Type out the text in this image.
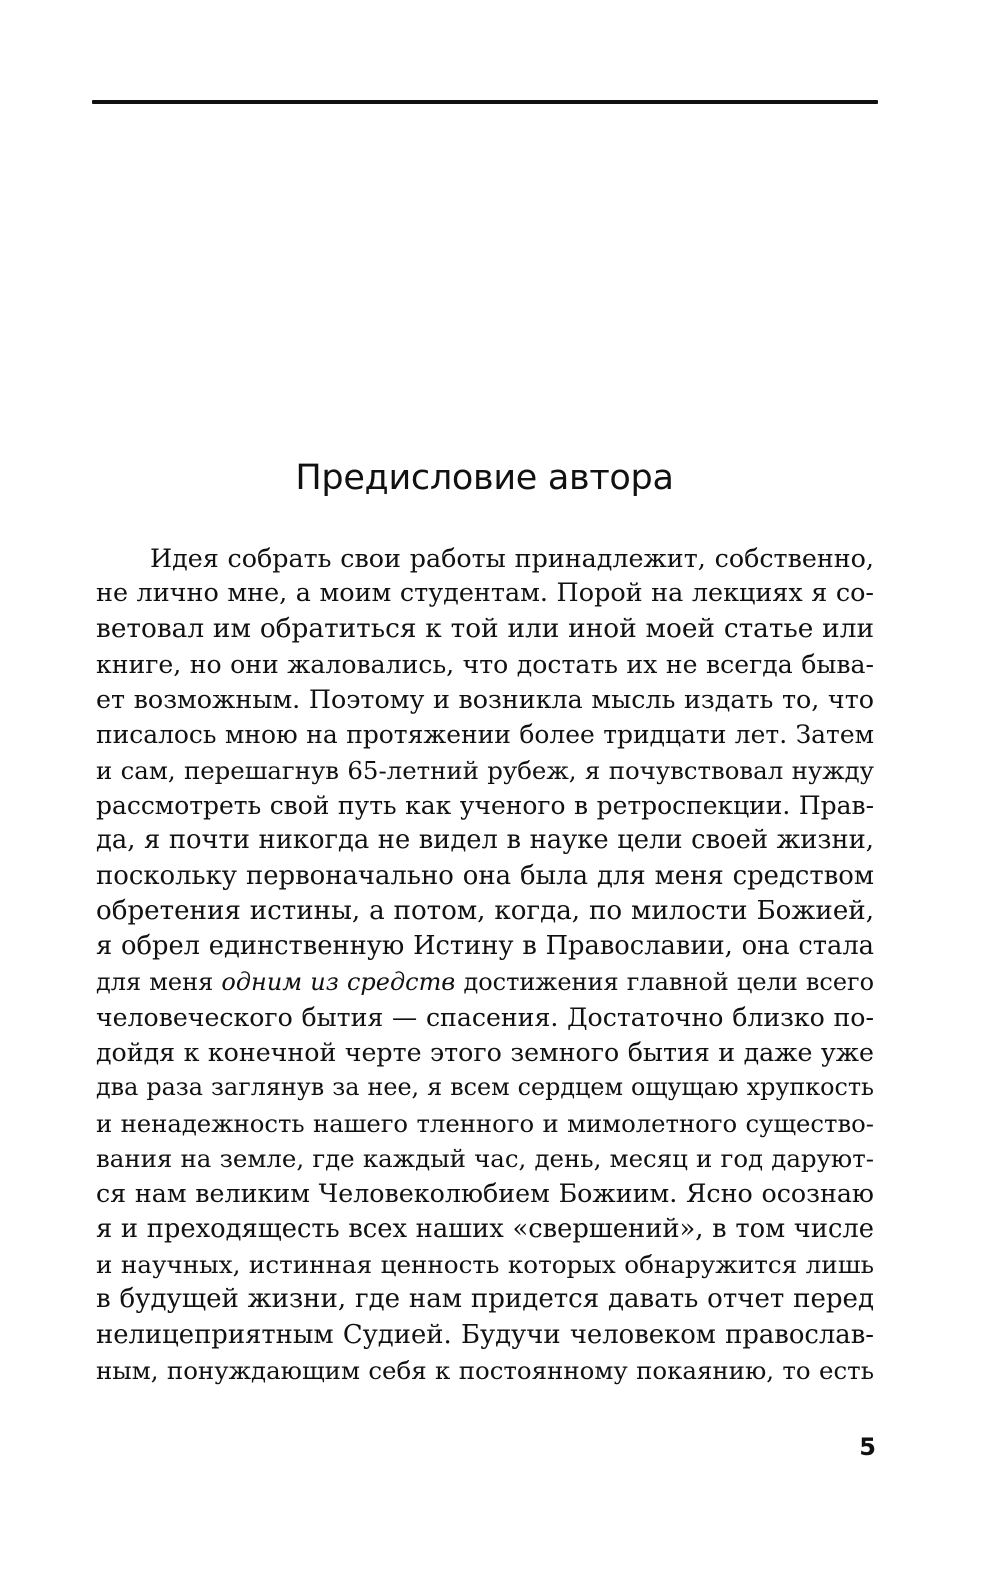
Предисловие автора
Идея собрать свои работы принадлежит, собственно,
не лично мне, а моим студентам. Порой на лекциях я со-
ветовал им обратиться к той или иной моей статье или
книге, но они жаловались, что достать их не всегда быва-
ет возможным. Поэтому и возникла мысль издать то, что
писалось мною на протяжении более тридцати лет. Затем
и сам, перешагнув 65-летний рубеж, я почувствовал нужду
рассмотреть свой путь как ученого в ретроспекции. Прав-
да, я почти никогда не видел в науке цели своей жизни,
поскольку первоначально она была для меня средством
обретения истины, а потом, когда, по милости Божией,
я обрел единственную Истину в Православии, она стала
для меня одним из средств достижения главной цели всего
человеческого бытия — спасения. Достаточно близко по-
дойдя к конечной черте этого земного бытия и даже уже
два раза заглянув за нее, я всем сердцем ощущаю хрупкость
и ненадежность нашего тленного и мимолетного существо-
вания на земле, где каждый час, день, месяц и год даруют-
ся нам великим Человеколюбием Божиим. Ясно осознаю
я и преходящесть всех наших «свершений», в том числе
и научных, истинная ценность которых обнаружится лишь
в будущей жизни, где нам придется давать отчет перед
нелицеприятным Судией. Будучи человеком православ-
ным, понуждающим себя к постоянному покаянию, то есть
5
